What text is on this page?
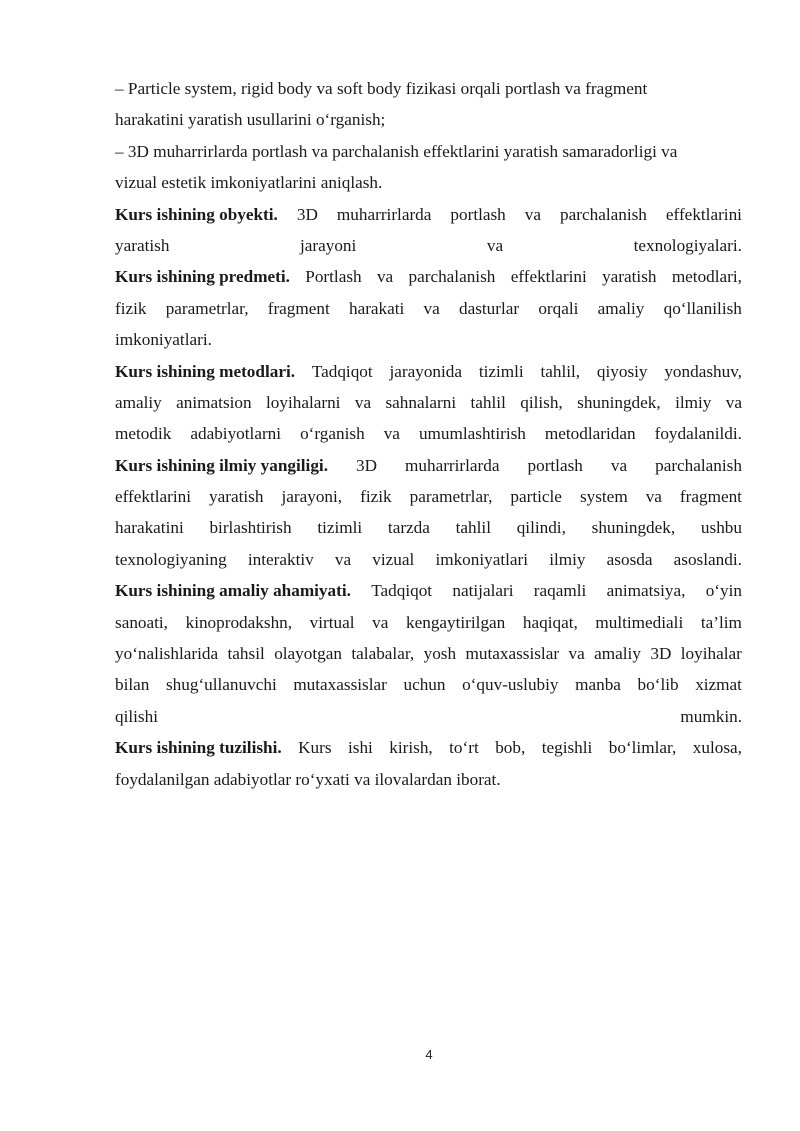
– Particle system, rigid body va soft body fizikasi orqali portlash va fragment
harakatini yaratish usullarini o‘rganish;
– 3D muharrirlarda portlash va parchalanish effektlarini yaratish samaradorligi va
vizual estetik imkoniyatlarini aniqlash.
Kurs ishining obyekti. 3D muharrirlarda portlash va parchalanish effektlarini
yaratish	jarayoni	va	texnologiyalari.
Kurs ishining predmeti. Portlash va parchalanish effektlarini yaratish metodlari,
fizik parametrlar, fragment harakati va dasturlar orqali amaliy qo‘llanilish
imkoniyatlari.
Kurs ishining metodlari. Tadqiqot jarayonida tizimli tahlil, qiyosiy yondashuv,
amaliy animatsion loyihalarni va sahnalarni tahlil qilish, shuningdek, ilmiy va
metodik adabiyotlarni o‘rganish va umumlashtirish metodlaridan foydalanildi.
Kurs ishining ilmiy yangiligi. 3D muharrirlarda portlash va parchalanish
effektlarini yaratish jarayoni, fizik parametrlar, particle system va fragment
harakatini birlashtirish tizimli tarzda tahlil qilindi, shuningdek, ushbu
texnologiyaning interaktiv va vizual imkoniyatlari ilmiy asosda asoslandi.
Kurs ishining amaliy ahamiyati. Tadqiqot natijalari raqamli animatsiya, o‘yin
sanoati, kinoprodakshn, virtual va kengaytirilgan haqiqat, multimediali ta’lim
yo‘nalishlarida tahsil olayotgan talabalar, yosh mutaxassislar va amaliy 3D loyihalar
bilan shug‘ullanuvchi mutaxassislar uchun o‘quv-uslubiy manba bo‘lib xizmat
qilishi	mumkin.
Kurs ishining tuzilishi. Kurs ishi kirish, to‘rt bob, tegishli bo‘limlar, xulosa,
foydalanilgan adabiyotlar ro‘yxati va ilovalardan iborat.
4
